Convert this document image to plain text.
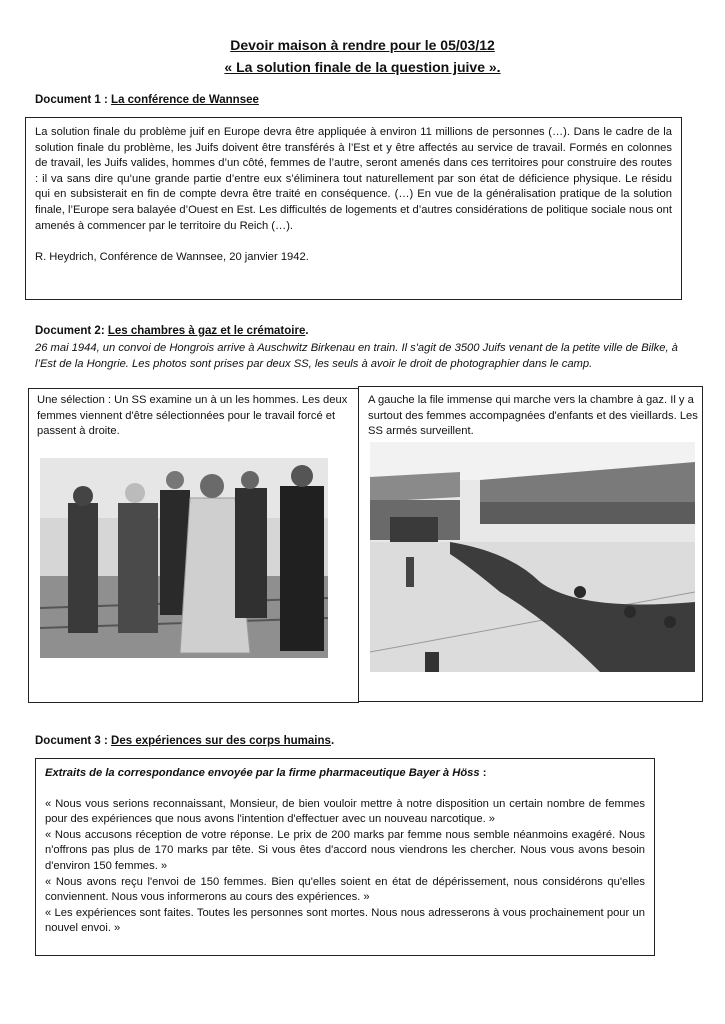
Devoir maison à rendre pour le 05/03/12
« La solution finale de la question juive ».
Document 1 : La conférence de Wannsee

La solution finale du problème juif en Europe devra être appliquée à environ 11 millions de personnes (…). Dans le cadre de la solution finale du problème, les Juifs doivent être transférés à l’Est et y être affectés au service de travail. Formés en colonnes de travail, les Juifs valides, hommes d’un côté, femmes de l’autre, seront amenés dans ces territoires pour construire des routes : il va sans dire qu’une grande partie d’entre eux s’éliminera tout naturellement par son état de déficience physique. Le résidu qui en subsisterait en fin de compte devra être traité en conséquence. (…) En vue de la généralisation pratique de la solution finale, l’Europe sera balayée d’Ouest en Est. Les difficultés de logements et d’autres considérations de politique sociale nous ont amenés à commencer par le territoire du Reich (…).

R. Heydrich, Conférence de Wannsee, 20 janvier 1942.

Document 2: Les chambres à gaz et le crématoire.
26 mai 1944, un convoi de Hongrois arrive à Auschwitz Birkenau en train. Il s'agit de 3500 Juifs venant de la petite ville de Bilke, à l’Est de la Hongrie. Les photos sont prises par deux SS, les seuls à avoir le droit de photographier dans le camp.
Une sélection : Un SS examine un à un les hommes. Les deux femmes viennent d'être sélectionnées pour le travail forcé et passent à droite.
A gauche la file immense qui marche vers la chambre à gaz. Il y a surtout des femmes accompagnées d'enfants et des vieillards. Les SS armés surveillent.
Document 3 : Des expériences sur des corps humains.

Extraits de la correspondance envoyée par la firme pharmaceutique Bayer à Höss :

« Nous vous serions reconnaissant, Monsieur, de bien vouloir mettre à notre disposition un certain nombre de femmes pour des expériences que nous avons l'intention d'effectuer avec un nouveau narcotique. »

« Nous accusons réception de votre réponse. Le prix de 200 marks par femme nous semble néanmoins exagéré. Nous n'offrons pas plus de 170 marks par tête. Si vous êtes d'accord nous viendrons les chercher. Nous vous avons besoin d'environ 150 femmes. »

« Nous avons reçu l'envoi de 150 femmes. Bien qu'elles soient en état de dépérissement, nous considérons qu'elles conviennent. Nous vous informerons au cours des expériences. »

« Les expériences sont faites. Toutes les personnes sont mortes. Nous nous adresserons à vous prochainement pour un nouvel envoi. »
